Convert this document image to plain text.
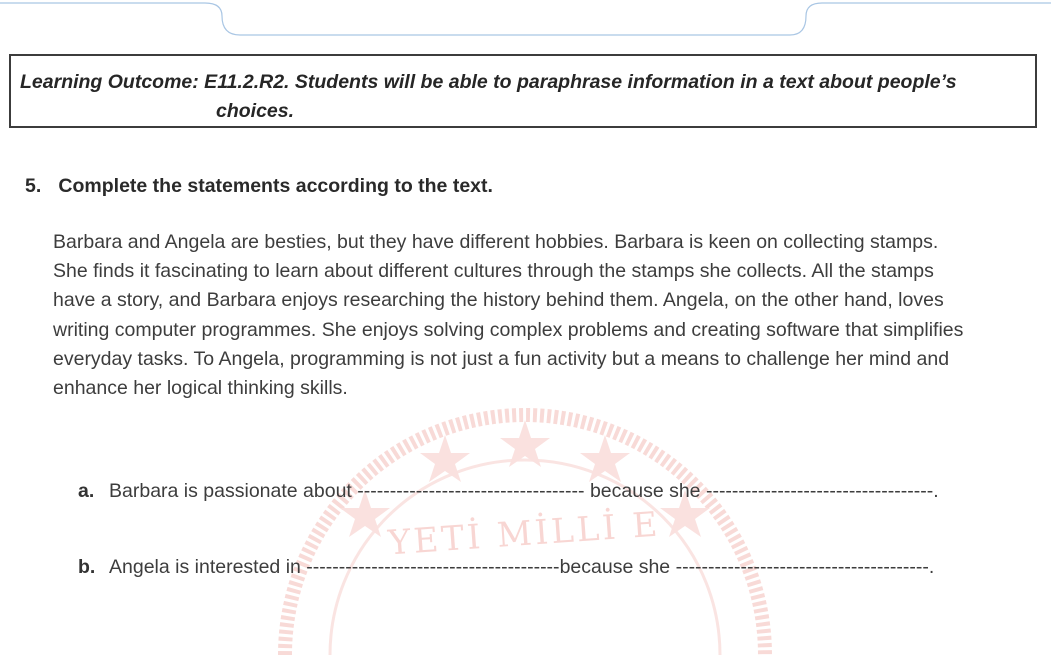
YETİ MİLLİ E

Learning Outcome: E11.2.R2. Students will be able to paraphrase information in a text about people’s
choices.

5. Complete the statements according to the text.
Barbara and Angela are besties, but they have different hobbies. Barbara is keen on collecting stamps.
She finds it fascinating to learn about different cultures through the stamps she collects. All the stamps
have a story, and Barbara enjoys researching the history behind them. Angela, on the other hand, loves
writing computer programmes. She enjoys solving complex problems and creating software that simplifies
everyday tasks. To Angela, programming is not just a fun activity but a means to challenge her mind and
enhance her logical thinking skills.

a. Barbara is passionate about ----------------------------------- because she -----------------------------------.

b. Angela is interested in ---------------------------------------because she ---------------------------------------.
